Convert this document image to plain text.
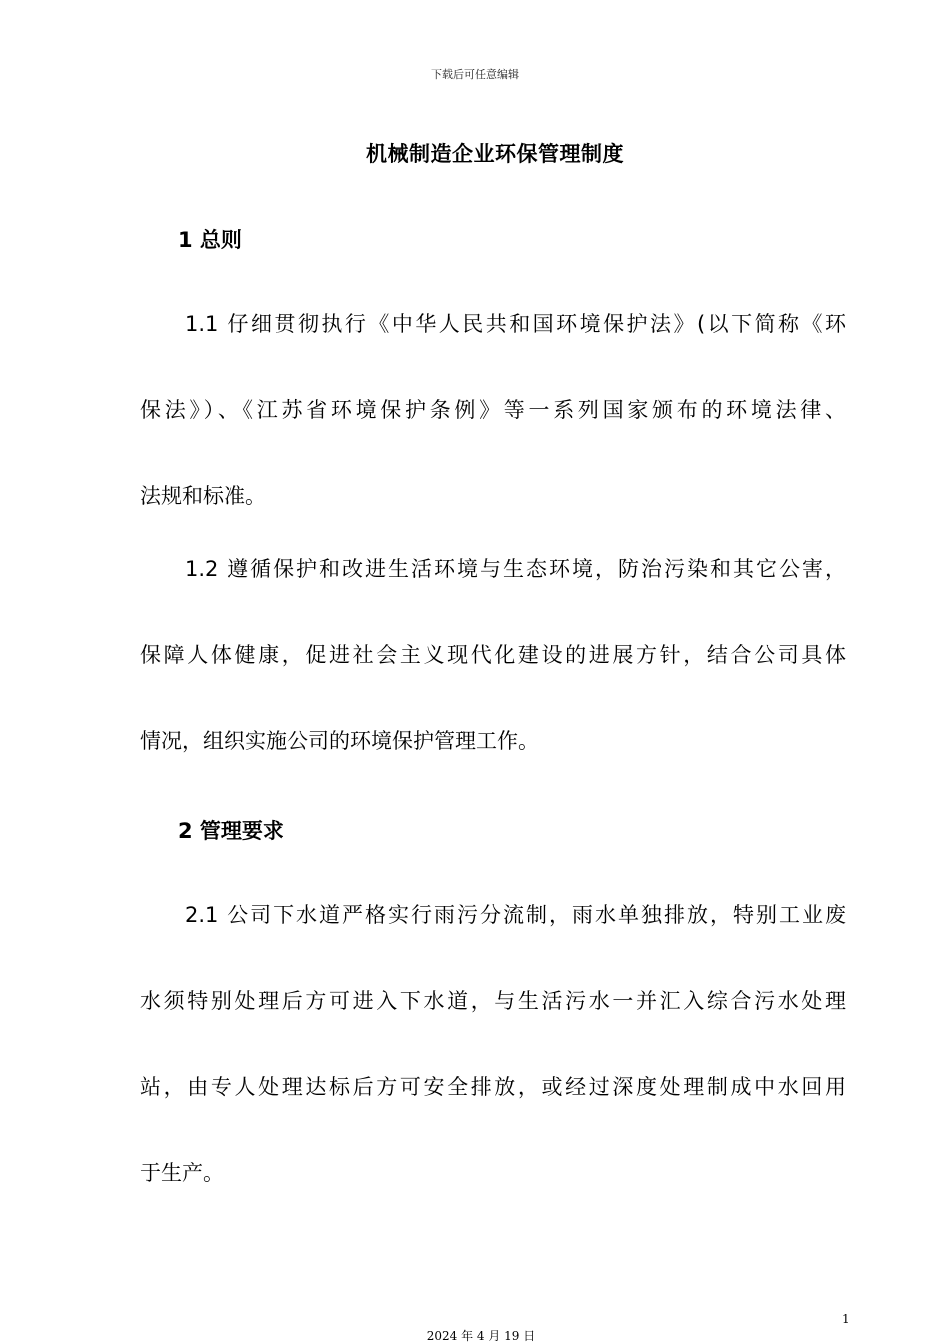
下载后可任意编辑
机械制造企业环保管理制度
1 总则
1.1 仔细贯彻执行《中华人民共和国环境保护法》(以下简称《环
保法》）、《江苏省环境保护条例》等一系列国家颁布的环境法律、
法规和标准。
1.2 遵循保护和改进生活环境与生态环境，防治污染和其它公害，
保障人体健康，促进社会主义现代化建设的进展方针，结合公司具体
情况，组织实施公司的环境保护管理工作。
2 管理要求
2.1 公司下水道严格实行雨污分流制，雨水单独排放，特别工业废
水须特别处理后方可进入下水道，与生活污水一并汇入综合污水处理
站，由专人处理达标后方可安全排放，或经过深度处理制成中水回用
于生产。
1
2024 年 4 月 19 日
